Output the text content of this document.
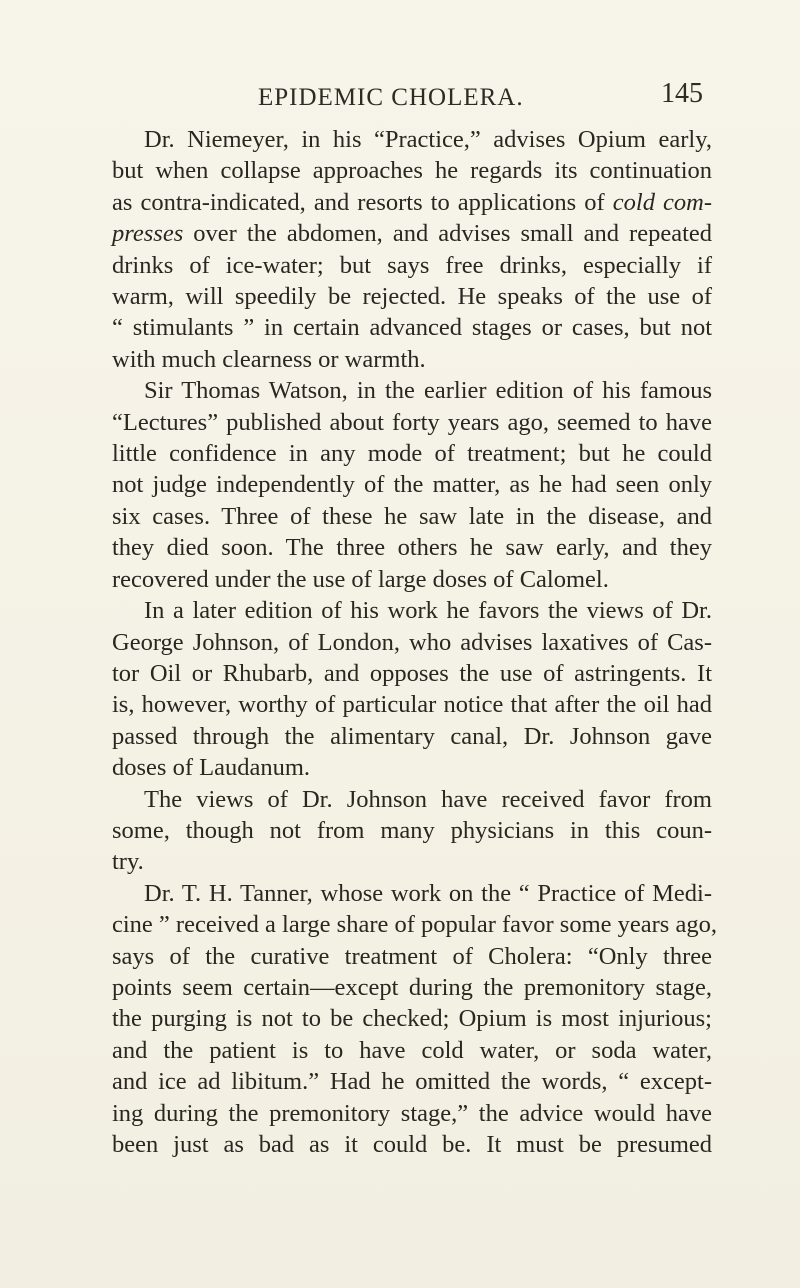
EPIDEMIC CHOLERA.	145
Dr. Niemeyer, in his “Practice,” advises Opium early,
but when collapse approaches he regards its continuation
as contra-indicated, and resorts to applications of cold com-
presses over the abdomen, and advises small and repeated
drinks of ice-water; but says free drinks, especially if
warm, will speedily be rejected. He speaks of the use of
“ stimulants ” in certain advanced stages or cases, but not
with much clearness or warmth.
Sir Thomas Watson, in the earlier edition of his famous
“Lectures” published about forty years ago, seemed to have
little confidence in any mode of treatment; but he could
not judge independently of the matter, as he had seen only
six cases. Three of these he saw late in the disease, and
they died soon. The three others he saw early, and they
recovered under the use of large doses of Calomel.
In a later edition of his work he favors the views of Dr.
George Johnson, of London, who advises laxatives of Cas-
tor Oil or Rhubarb, and opposes the use of astringents. It
is, however, worthy of particular notice that after the oil had
passed through the alimentary canal, Dr. Johnson gave
doses of Laudanum.
The views of Dr. Johnson have received favor from
some, though not from many physicians in this coun-
try.
Dr. T. H. Tanner, whose work on the “ Practice of Medi-
cine ” received a large share of popular favor some years ago,
says of the curative treatment of Cholera: “Only three
points seem certain—except during the premonitory stage,
the purging is not to be checked; Opium is most injurious;
and the patient is to have cold water, or soda water,
and ice ad libitum.” Had he omitted the words, “ except-
ing during the premonitory stage,” the advice would have
been just as bad as it could be. It must be presumed
